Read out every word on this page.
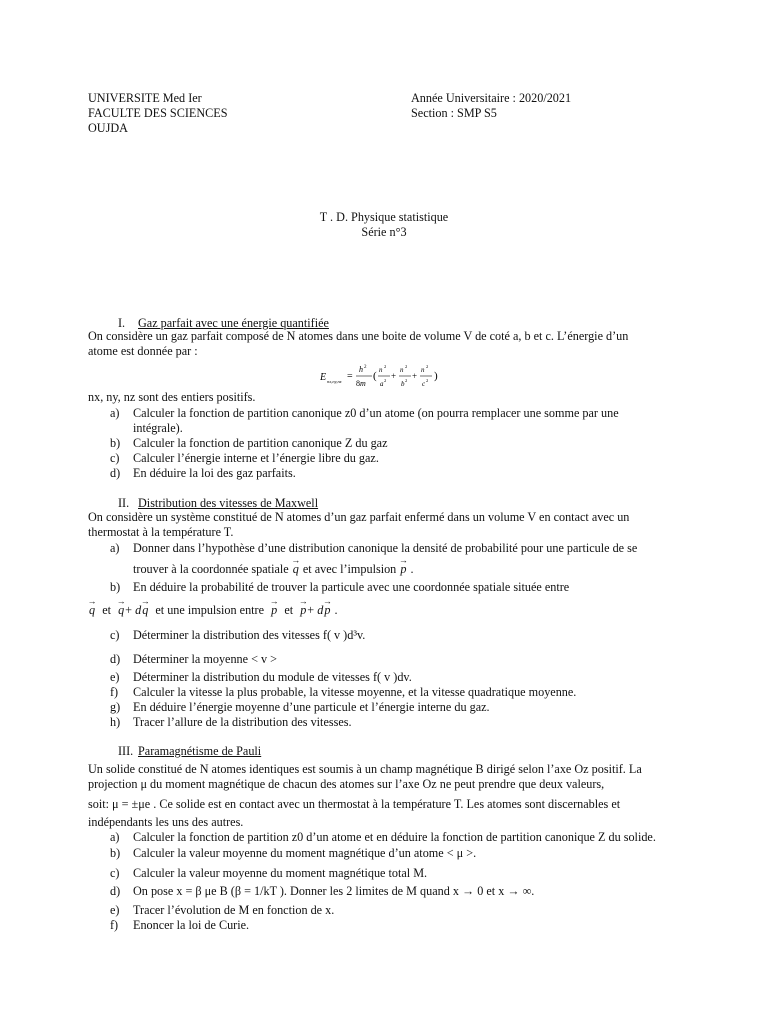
UNIVERSITE Med Ier
FACULTE DES SCIENCES
OUJDA
Année Universitaire : 2020/2021
Section : SMP S5
T . D. Physique statistique
Série n°3
I. Gaz parfait avec une énergie quantifiée
On considère un gaz parfait composé de N atomes dans une boite de volume V de coté a, b et c. L’énergie d’un
atome est donnée par :
E nx,ny,nz =
h 2
8m
( n 2
a 2 +
n 2
b 2 +
n 2
c 2 )
nx, ny, nz sont des entiers positifs.
a) Calculer la fonction de partition canonique z0 d’un atome (on pourra remplacer une somme par une
intégrale).
b) Calculer la fonction de partition canonique Z du gaz
c) Calculer l’énergie interne et l’énergie libre du gaz.
d) En déduire la loi des gaz parfaits.
II. Distribution des vitesses de Maxwell
On considère un système constitué de N atomes d’un gaz parfait enfermé dans un volume V en contact avec un
thermostat à la température T.
a) Donner dans l’hypothèse d’une distribution canonique la densité de probabilité pour une particule de se
trouver à la coordonnée spatiale → q et avec l’impulsion → p .
b) En déduire la probabilité de trouver la particule avec une coordonnée spatiale située entre
→ q et → q+ d→ q et une impulsion entre → p  et  → p+ d→ p .
c) Déterminer la distribution des vitesses f( v )d³v.
d) Déterminer la moyenne < v >
e) Déterminer la distribution du module de vitesses f( v )dv.
f) Calculer la vitesse la plus probable, la vitesse moyenne, et la vitesse quadratique moyenne.
g) En déduire l’énergie moyenne d’une particule et l’énergie interne du gaz.
h) Tracer l’allure de la distribution des vitesses.
III. Paramagnétisme de Pauli
Un solide constitué de N atomes identiques est soumis à un champ magnétique B dirigé selon l’axe Oz positif. La
projection μ du moment magnétique de chacun des atomes sur l’axe Oz ne peut prendre que deux valeurs,
soit: μ = ±μe . Ce solide est en contact avec un thermostat à la température T. Les atomes sont discernables et
indépendants les uns des autres.
a) Calculer la fonction de partition z0 d’un atome et en déduire la fonction de partition canonique Z du solide.
b) Calculer la valeur moyenne du moment magnétique d’un atome < μ >.
c) Calculer la valeur moyenne du moment magnétique total M.
d) On pose x = β μe B (β = 1/kT ). Donner les 2 limites de M quand x → 0 et x → ∞.
e) Tracer l’évolution de M en fonction de x.
f) Enoncer la loi de Curie.
